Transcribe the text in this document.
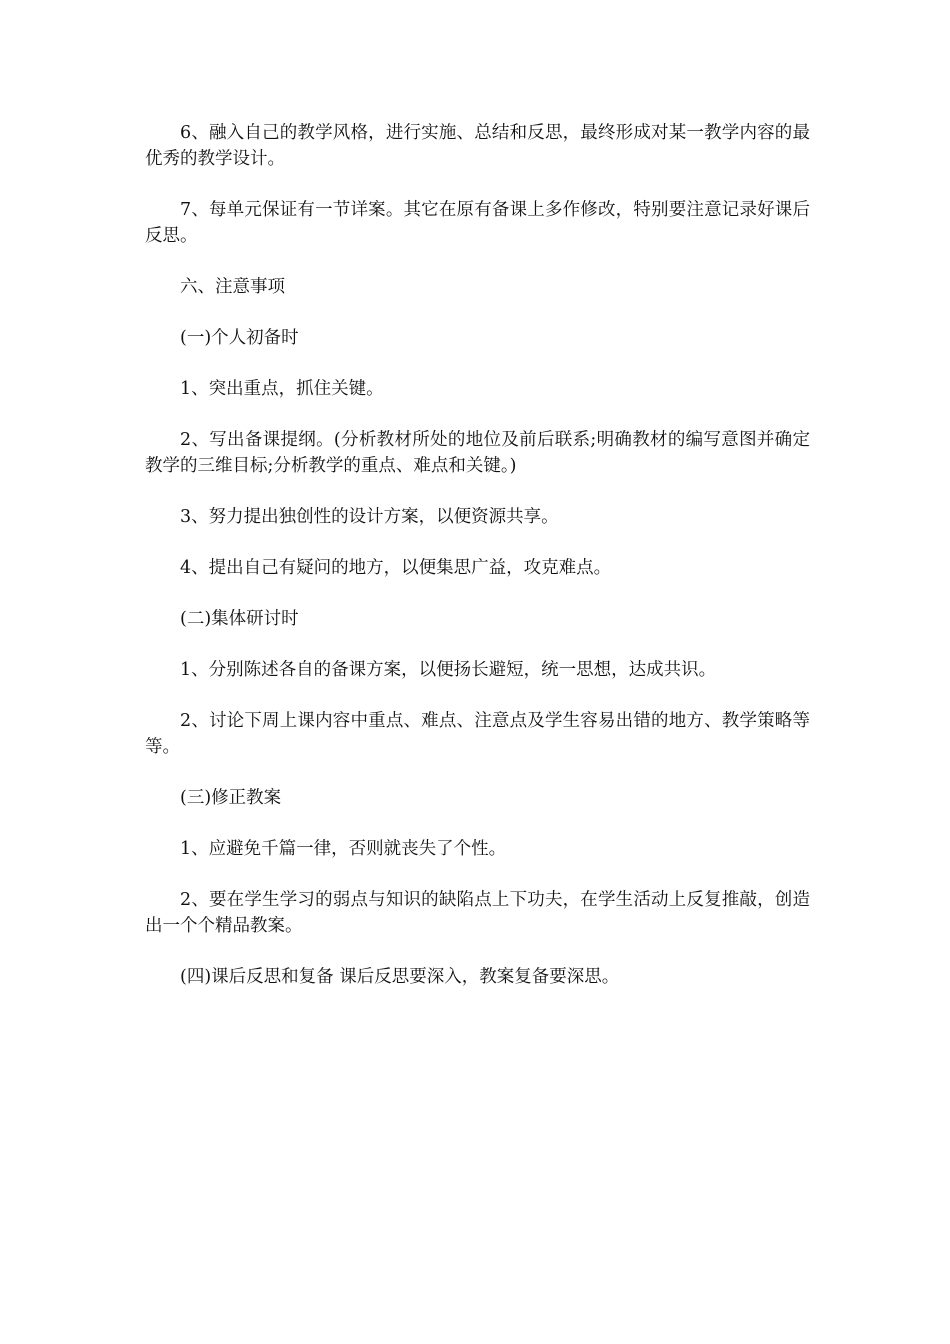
6、融入自己的教学风格，进行实施、总结和反思，最终形成对某一教学内容的最优秀的教学设计。

7、每单元保证有一节详案。其它在原有备课上多作修改，特别要注意记录好课后反思。

六、注意事项

(一)个人初备时

1、突出重点，抓住关键。

2、写出备课提纲。(分析教材所处的地位及前后联系;明确教材的编写意图并确定教学的三维目标;分析教学的重点、难点和关键。)

3、努力提出独创性的设计方案，以便资源共享。

4、提出自己有疑问的地方，以便集思广益，攻克难点。

(二)集体研讨时

1、分别陈述各自的备课方案，以便扬长避短，统一思想，达成共识。

2、讨论下周上课内容中重点、难点、注意点及学生容易出错的地方、教学策略等等。

(三)修正教案

1、应避免千篇一律，否则就丧失了个性。

2、要在学生学习的弱点与知识的缺陷点上下功夫，在学生活动上反复推敲，创造出一个个精品教案。

(四)课后反思和复备 课后反思要深入，教案复备要深思。
